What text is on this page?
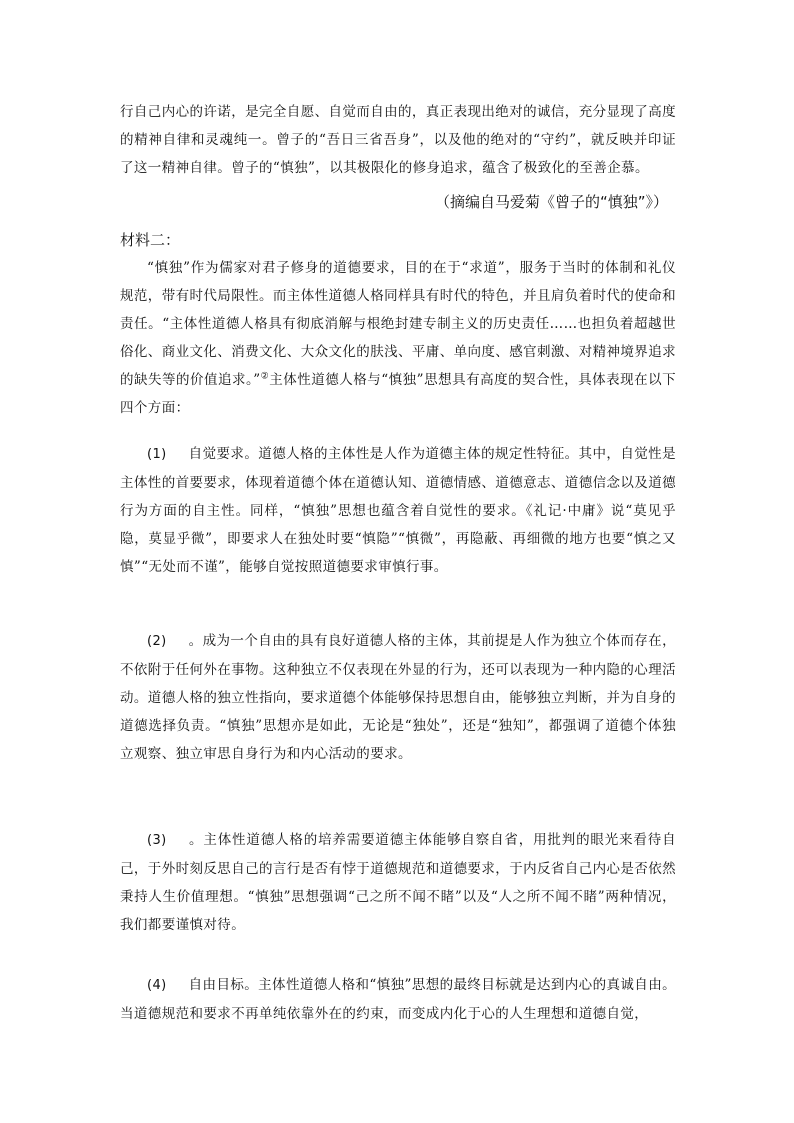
行自己内心的许诺，是完全自愿、自觉而自由的，真正表现出绝对的诚信，充分显现了高度的精神自律和灵魂纯一。曾子的“吾日三省吾身”，以及他的绝对的“守约”，就反映并印证了这一精神自律。曾子的“慎独”，以其极限化的修身追求，蕴含了极致化的至善企慕。

（摘编自马爱菊《曾子的“慎独”》）

材料二：

“慎独”作为儒家对君子修身的道德要求，目的在于“求道”，服务于当时的体制和礼仪规范，带有时代局限性。而主体性道德人格同样具有时代的特色，并且肩负着时代的使命和责任。“主体性道德人格具有彻底消解与根绝封建专制主义的历史责任……也担负着超越世俗化、商业文化、消费文化、大众文化的肤浅、平庸、单向度、感官刺激、对精神境界追求的缺失等的价值追求。”②主体性道德人格与“慎独”思想具有高度的契合性，具体表现在以下四个方面：

(1) 自觉要求。道德人格的主体性是人作为道德主体的规定性特征。其中，自觉性是主体性的首要要求，体现着道德个体在道德认知、道德情感、道德意志、道德信念以及道德行为方面的自主性。同样，“慎独”思想也蕴含着自觉性的要求。《礼记·中庸》说“莫见乎隐，莫显乎微”，即要求人在独处时要“慎隐”“慎微”，再隐蔽、再细微的地方也要“慎之又慎”“无处而不谨”，能够自觉按照道德要求审慎行事。

(2) 。成为一个自由的具有良好道德人格的主体，其前提是人作为独立个体而存在，不依附于任何外在事物。这种独立不仅表现在外显的行为，还可以表现为一种内隐的心理活动。道德人格的独立性指向，要求道德个体能够保持思想自由，能够独立判断，并为自身的道德选择负责。“慎独”思想亦是如此，无论是“独处”，还是“独知”，都强调了道德个体独立观察、独立审思自身行为和内心活动的要求。

(3) 。主体性道德人格的培养需要道德主体能够自察自省，用批判的眼光来看待自己，于外时刻反思自己的言行是否有悖于道德规范和道德要求，于内反省自己内心是否依然秉持人生价值理想。“慎独”思想强调“己之所不闻不睹”以及“人之所不闻不睹”两种情况，我们都要谨慎对待。

(4) 自由目标。主体性道德人格和“慎独”思想的最终目标就是达到内心的真诚自由。当道德规范和要求不再单纯依靠外在的约束，而变成内化于心的人生理想和道德自觉，
